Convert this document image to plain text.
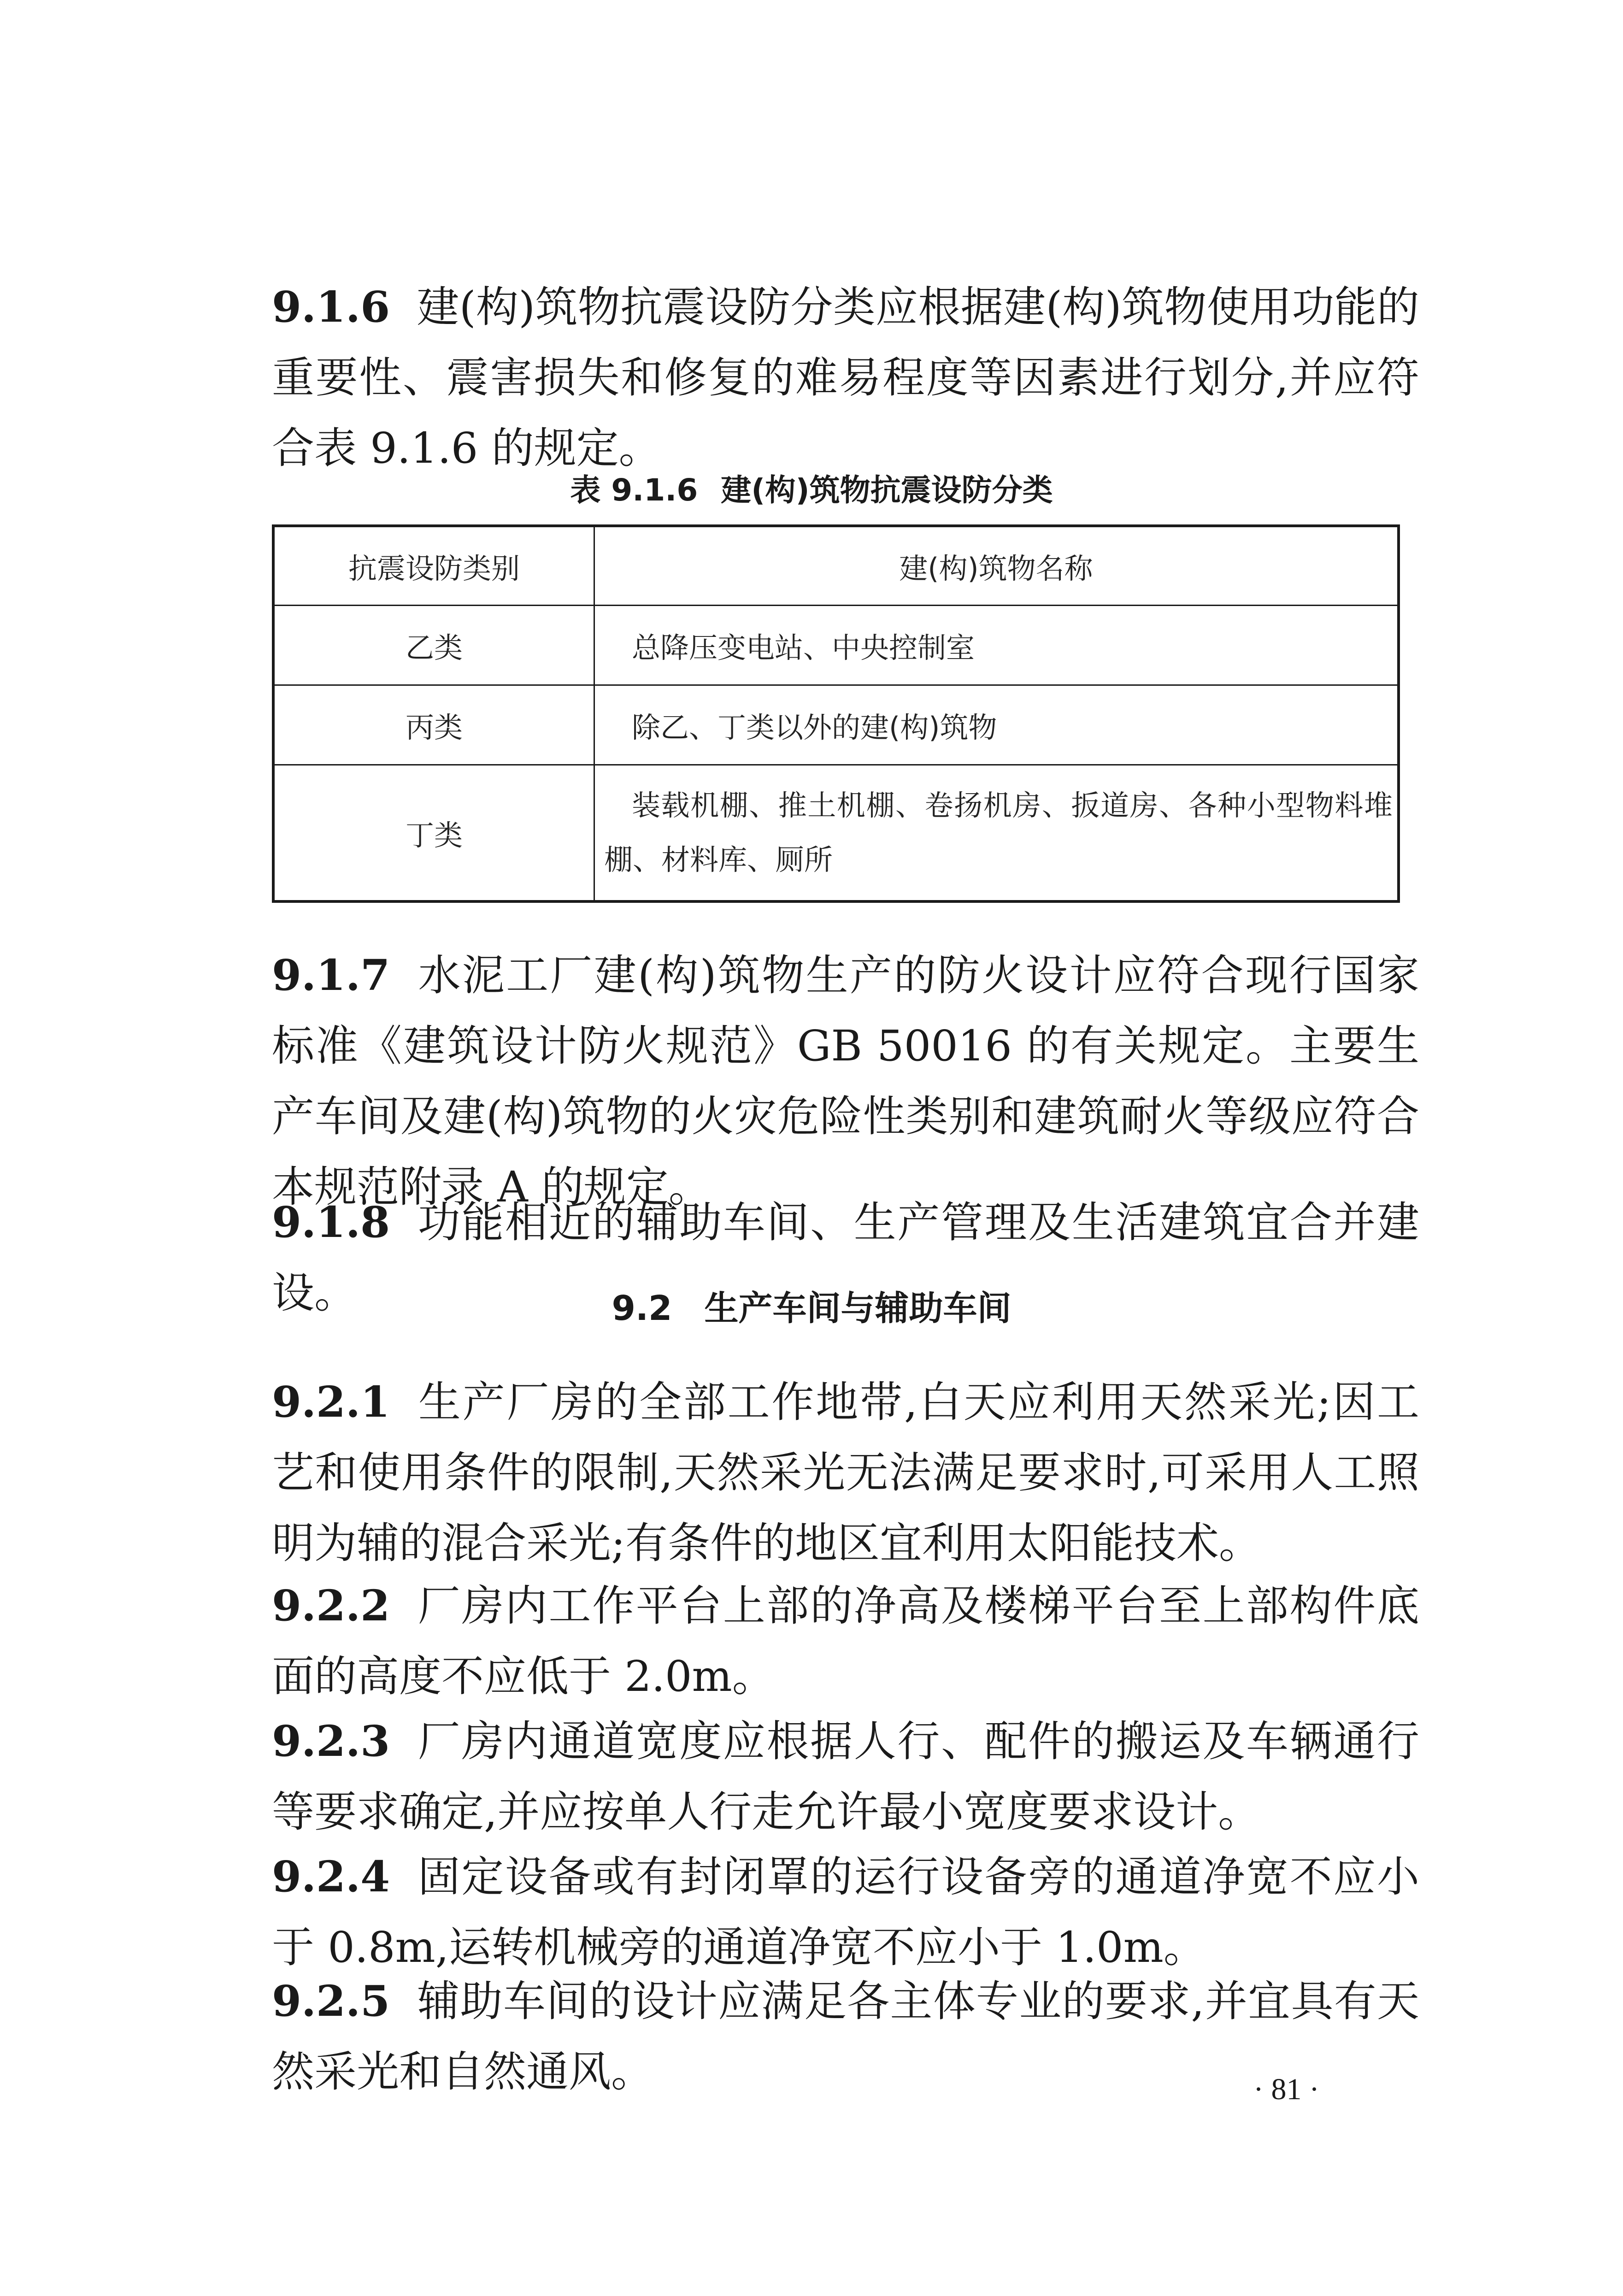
9.1.6 建(构)筑物抗震设防分类应根据建(构)筑物使用功能的重要性、震害损失和修复的难易程度等因素进行划分,并应符合表 9.1.6 的规定。
表 9.1.6 建(构)筑物抗震设防分类
抗震设防类别	建(构)筑物名称
乙类	总降压变电站、中央控制室
丙类	除乙、丁类以外的建(构)筑物
丁类	装载机棚、推土机棚、卷扬机房、扳道房、各种小型物料堆棚、材料库、厕所
9.1.7 水泥工厂建(构)筑物生产的防火设计应符合现行国家标准《建筑设计防火规范》GB 50016 的有关规定。主要生产车间及建(构)筑物的火灾危险性类别和建筑耐火等级应符合本规范附录 A 的规定。
9.1.8 功能相近的辅助车间、生产管理及生活建筑宜合并建设。	9.2 生产车间与辅助车间
9.2.1 生产厂房的全部工作地带,白天应利用天然采光;因工艺和使用条件的限制,天然采光无法满足要求时,可采用人工照明为辅的混合采光;有条件的地区宜利用太阳能技术。
9.2.2 厂房内工作平台上部的净高及楼梯平台至上部构件底面的高度不应低于 2.0m。
9.2.3 厂房内通道宽度应根据人行、配件的搬运及车辆通行等要求确定,并应按单人行走允许最小宽度要求设计。
9.2.4 固定设备或有封闭罩的运行设备旁的通道净宽不应小于 0.8m,运转机械旁的通道净宽不应小于 1.0m。
9.2.5 辅助车间的设计应满足各主体专业的要求,并宜具有天然采光和自然通风。	· 81 ·
